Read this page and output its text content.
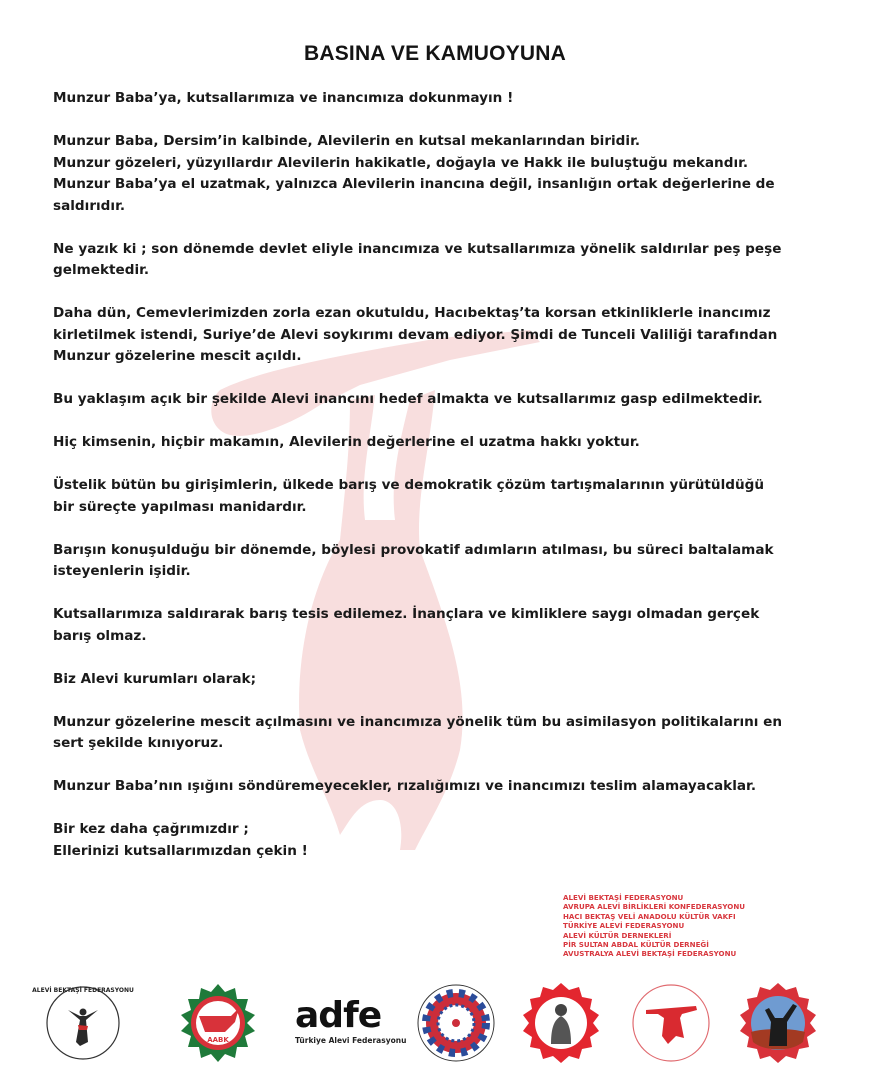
BASINA VE KAMUOYUNA

Munzur Baba’ya, kutsallarımıza ve inancımıza dokunmayın !

Munzur Baba, Dersim’in kalbinde, Alevilerin en kutsal mekanlarından biridir.
Munzur gözeleri, yüzyıllardır Alevilerin hakikatle, doğayla ve Hakk ile buluştuğu mekandır.
Munzur Baba’ya el uzatmak, yalnızca Alevilerin inancına değil, insanlığın ortak değerlerine de
saldırıdır.

Ne yazık ki ; son dönemde devlet eliyle inancımıza ve kutsallarımıza yönelik saldırılar peş peşe
gelmektedir.

Daha dün, Cemevlerimizden zorla ezan okutuldu, Hacıbektaş’ta korsan etkinliklerle inancımız
kirletilmek istendi, Suriye’de Alevi soykırımı devam ediyor. Şimdi de Tunceli Valiliği tarafından
Munzur gözelerine mescit açıldı.

Bu yaklaşım açık bir şekilde Alevi inancını hedef almakta ve kutsallarımız gasp edilmektedir.

Hiç kimsenin, hiçbir makamın, Alevilerin değerlerine el uzatma hakkı yoktur.

Üstelik bütün bu girişimlerin, ülkede barış ve demokratik çözüm tartışmalarının yürütüldüğü
bir süreçte yapılması manidardır.

Barışın konuşulduğu bir dönemde, böylesi provokatif adımların atılması, bu süreci baltalamak
isteyenlerin işidir.

Kutsallarımıza saldırarak barış tesis edilemez. İnançlara ve kimliklere saygı olmadan gerçek
barış olmaz.

Biz Alevi kurumları olarak;

Munzur gözelerine mescit açılmasını ve inancımıza yönelik tüm bu asimilasyon politikalarını en
sert şekilde kınıyoruz.

Munzur Baba’nın ışığını söndüremeyecekler, rızalığımızı ve inancımızı teslim alamayacaklar.

Bir kez daha çağrımızdır ;
Ellerinizi kutsallarımızdan çekin !

ALEVİ BEKTAŞİ FEDERASYONU
AVRUPA ALEVİ BİRLİKLERİ KONFEDERASYONU
HACI BEKTAŞ VELİ ANADOLU KÜLTÜR VAKFI
TÜRKİYE ALEVİ FEDERASYONU
ALEVİ KÜLTÜR DERNEKLERİ
PİR SULTAN ABDAL KÜLTÜR DERNEĞİ
AVUSTRALYA ALEVİ BEKTAŞİ FEDERASYONU
ALEVİ BEKTAŞİ FEDERASYONU
AABK
adfe
Türkiye Alevi Federasyonu
